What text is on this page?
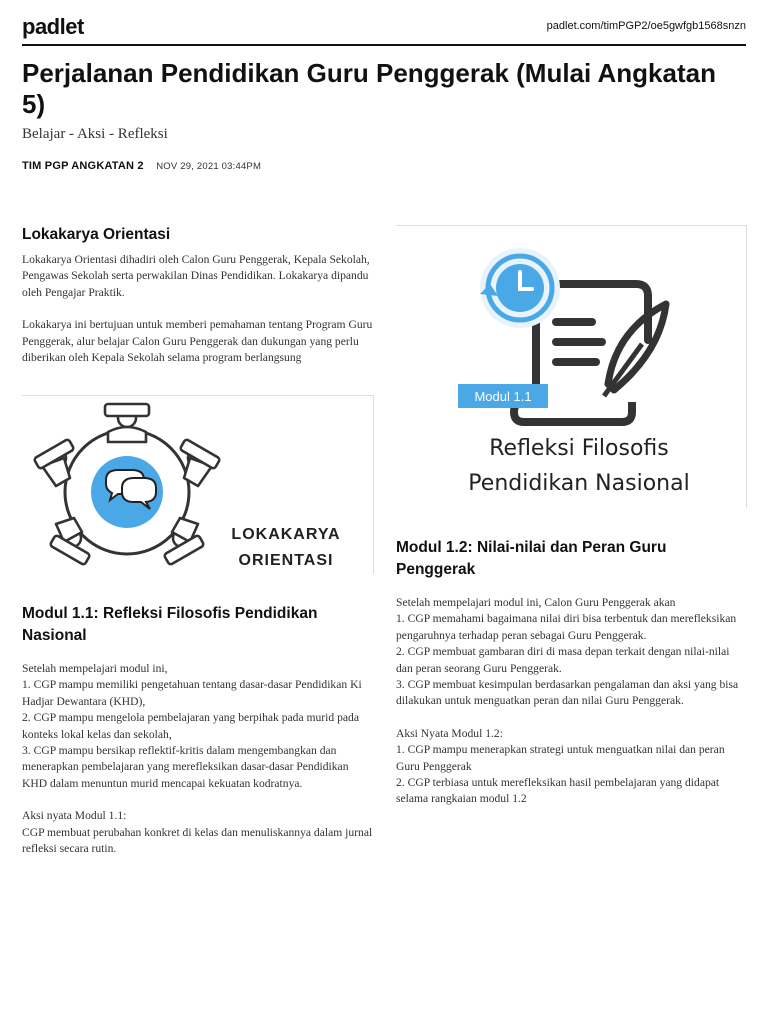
padlet	padlet.com/timPGP2/oe5gwfgb1568snzn
Perjalanan Pendidikan Guru Penggerak (Mulai Angkatan 5)
Belajar - Aksi - Refleksi
TIM PGP ANGKATAN 2 NOV 29, 2021 03:44PM
Lokakarya Orientasi

Lokakarya Orientasi dihadiri oleh Calon Guru Penggerak, Kepala Sekolah, Pengawas Sekolah serta perwakilan Dinas Pendidikan. Lokakarya dipandu oleh Pengajar Praktik.

Lokakarya ini bertujuan untuk memberi pemahaman tentang Program Guru Penggerak, alur belajar Calon Guru Penggerak dan dukungan yang perlu diberikan oleh Kepala Sekolah selama program berlangsung

LOKAKARYA
ORIENTASI
Modul 1.1: Refleksi Filosofis Pendidikan Nasional

Setelah mempelajari modul ini,
1. CGP mampu memiliki pengetahuan tentang dasar-dasar Pendidikan Ki Hadjar Dewantara (KHD),
2. CGP mampu mengelola pembelajaran yang berpihak pada murid pada konteks lokal kelas dan sekolah,
3. CGP mampu bersikap reflektif-kritis dalam mengembangkan dan menerapkan pembelajaran yang merefleksikan dasar-dasar Pendidikan KHD dalam menuntun murid mencapai kekuatan kodratnya.

Aksi nyata Modul 1.1:
CGP membuat perubahan konkret di kelas dan menuliskannya dalam jurnal refleksi secara rutin.

Modul 1.1
Refleksi Filosofis
Pendidikan Nasional
Modul 1.2: Nilai-nilai dan Peran Guru Penggerak

Setelah mempelajari modul ini, Calon Guru Penggerak akan
1. CGP memahami bagaimana nilai diri bisa terbentuk dan merefleksikan pengaruhnya terhadap peran sebagai Guru Penggerak.
2. CGP membuat gambaran diri di masa depan terkait dengan nilai-nilai dan peran seorang Guru Penggerak.
3. CGP membuat kesimpulan berdasarkan pengalaman dan aksi yang bisa dilakukan untuk menguatkan peran dan nilai Guru Penggerak.

Aksi Nyata Modul 1.2:
1. CGP mampu menerapkan strategi untuk menguatkan nilai dan peran Guru Penggerak
2. CGP terbiasa untuk merefleksikan hasil pembelajaran yang didapat selama rangkaian modul 1.2
